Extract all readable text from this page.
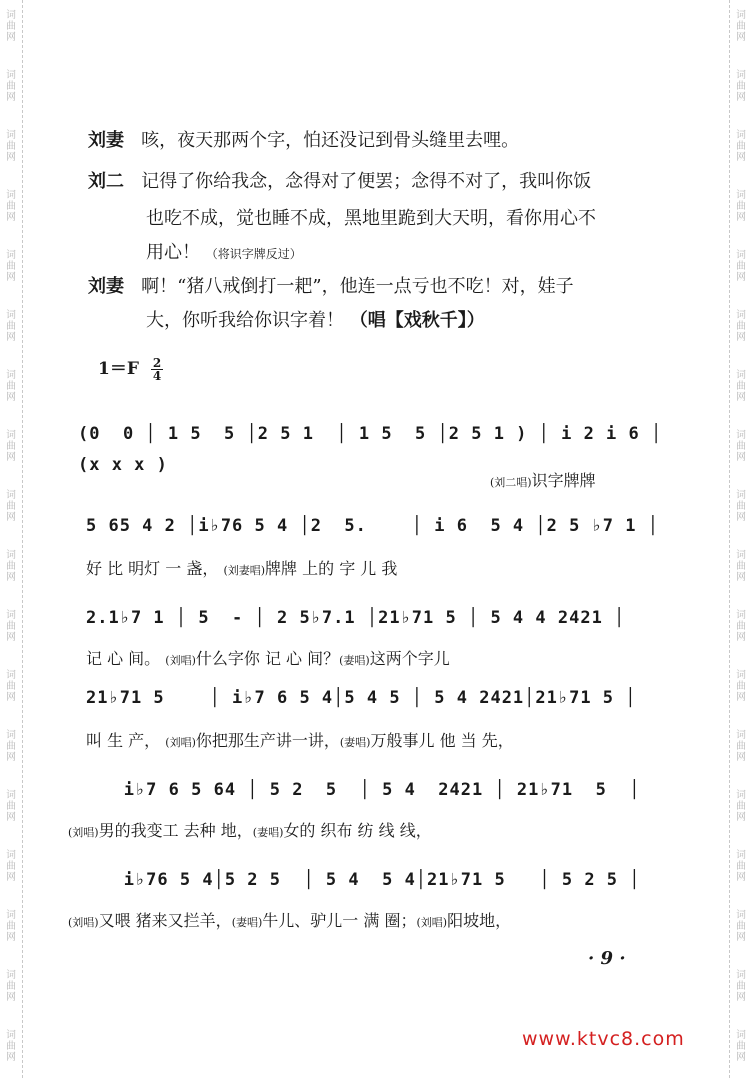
词曲网
词曲网
词曲网
词曲网
词曲网
词曲网
词曲网
词曲网
词曲网
词曲网
词曲网
词曲网
词曲网
词曲网
词曲网
词曲网
词曲网
词曲网
词曲网
词曲网
词曲网
词曲网
词曲网
词曲网
词曲网
词曲网
词曲网
词曲网
词曲网
词曲网
词曲网
词曲网
词曲网
词曲网
词曲网
词曲网
刘妻 咳，夜天那两个字，怕还没记到骨头缝里去哩。
刘二 记得了你给我念，念得对了便罢；念得不对了，我叫你饭
也吃不成，觉也睡不成，黑地里跪到大天明，看你用心不
用心！ （将识字牌反过）
刘妻 啊！“猪八戒倒打一耙”，他连一点亏也不吃！对，娃子
大，你听我给你识字着！ （唱【戏秋千】）
$1=F \frac{2}{4}$
(0  0 │ 1 5  5 │2 5 1  │ 1 5  5 │2 5 1 ) │ i 2 i 6 │
(x x x )
(刘二唱)识字牌牌
5 65 4 2 │i♭76 5 4 │2  5.    │ i 6  5 4 │2 5 ♭7 1 │
好 比 明灯 一 盏， (刘妻唱)牌牌 上的 字 儿 我
2.1♭7 1 │ 5  - │ 2 5♭7.1 │21♭71 5 │ 5 4 4 2421 │
记 心 间。 (刘唱)什么字你 记 心 间？(妻唱)这两个字儿
21♭71 5    │ i♭7 6 5 4│5 4 5 │ 5 4 2421│21♭71 5 │
叫 生 产， (刘唱)你把那生产讲一讲，(妻唱)万般事儿 他 当 先，
i♭7 6 5 64 │ 5 2  5  │ 5 4  2421 │ 21♭71  5  │
(刘唱)男的我变工 去种 地，(妻唱)女的 织布 纺 线 线，
i♭76 5 4│5 2 5  │ 5 4  5 4│21♭71 5   │ 5 2 5 │
(刘唱)又喂 猪来又拦羊，(妻唱)牛儿、驴儿一 满 圈；(刘唱)阳坡地，
· 9 ·
www.ktvc8.com
